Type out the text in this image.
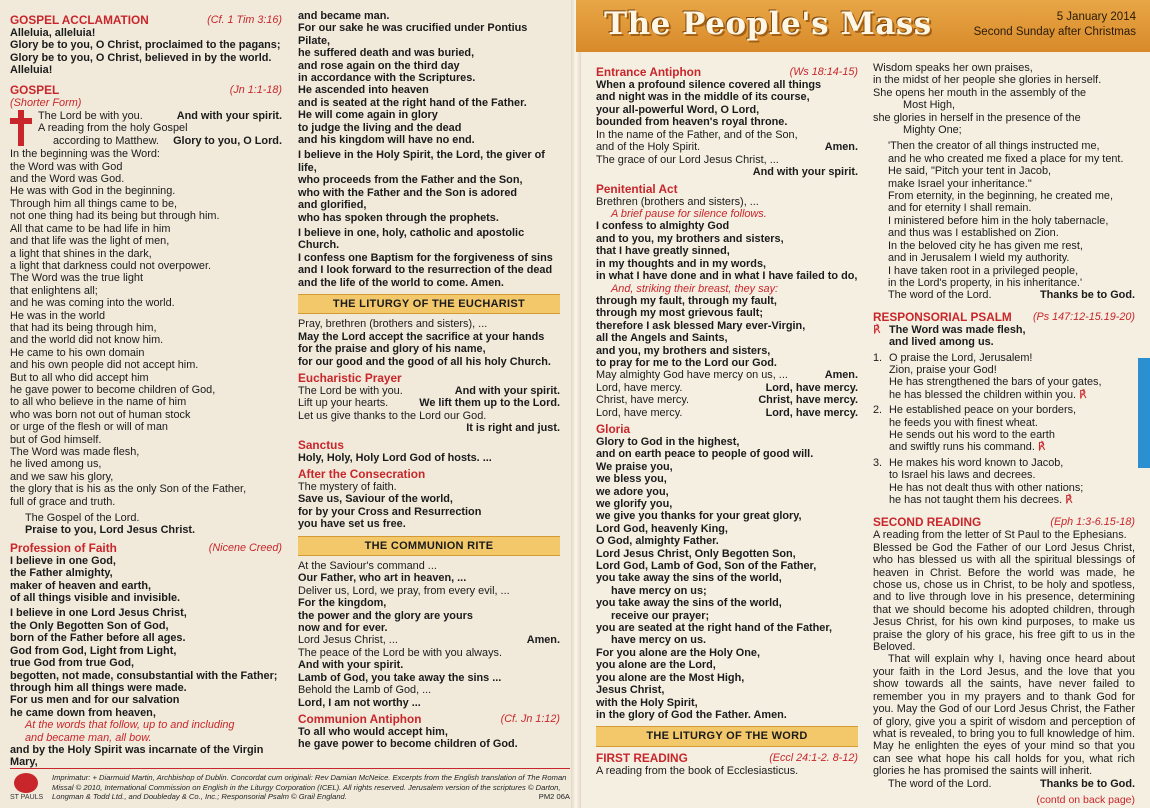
GOSPEL ACCLAMATION	(Cf. 1 Tim 3:16)
Alleluia, alleluia!
Glory be to you, O Christ, proclaimed to the pagans;
Glory be to you, O Christ, believed in by the world.
Alleluia!
GOSPEL	(Jn 1:1-18)

(Shorter Form)

The Lord be with you.	And with your spirit.
A reading from the holy Gospel
according to Matthew. Glory to you, O Lord.
In the beginning was the Word:
the Word was with God
and the Word was God.
He was with God in the beginning.
Through him all things came to be,
not one thing had its being but through him.
All that came to be had life in him
and that life was the light of men,
a light that shines in the dark,
a light that darkness could not overpower.
The Word was the true light
that enlightens all;
and he was coming into the world.
He was in the world
that had its being through him,
and the world did not know him.
He came to his own domain
and his own people did not accept him.
But to all who did accept him
he gave power to become children of God,
to all who believe in the name of him
who was born not out of human stock
or urge of the flesh or will of man
but of God himself.
The Word was made flesh,
he lived among us,
and we saw his glory,
the glory that is his as the only Son of the Father,
full of grace and truth.
The Gospel of the Lord.
Praise to you, Lord Jesus Christ.
Profession of Faith	(Nicene Creed)
I believe in one God,
the Father almighty,
maker of heaven and earth,
of all things visible and invisible.
I believe in one Lord Jesus Christ,
the Only Begotten Son of God,
born of the Father before all ages.
God from God, Light from Light,
true God from true God,
begotten, not made, consubstantial with the Father;
through him all things were made.
For us men and for our salvation
he came down from heaven,
At the words that follow, up to and including
and became man, all bow.
and by the Holy Spirit was incarnate of the Virgin Mary,
and became man.
For our sake he was crucified under Pontius Pilate,
he suffered death and was buried,
and rose again on the third day
in accordance with the Scriptures.
He ascended into heaven
and is seated at the right hand of the Father.
He will come again in glory
to judge the living and the dead
and his kingdom will have no end.
I believe in the Holy Spirit, the Lord, the giver of life,
who proceeds from the Father and the Son,
who with the Father and the Son is adored
and glorified,
who has spoken through the prophets.
I believe in one, holy, catholic and apostolic Church.
I confess one Baptism for the forgiveness of sins
and I look forward to the resurrection of the dead
and the life of the world to come. Amen.
THE LITURGY OF THE EUCHARIST
Pray, brethren (brothers and sisters), ...
May the Lord accept the sacrifice at your hands
for the praise and glory of his name,
for our good and the good of all his holy Church.
Eucharistic Prayer
The Lord be with you.	And with your spirit.
Lift up your hearts.	We lift them up to the Lord.
Let us give thanks to the Lord our God.
It is right and just.
Sanctus
Holy, Holy, Holy Lord God of hosts. ...
After the Consecration
The mystery of faith.
Save us, Saviour of the world,
for by your Cross and Resurrection
you have set us free.
THE COMMUNION RITE
At the Saviour's command ...
Our Father, who art in heaven, ...
Deliver us, Lord, we pray, from every evil, ...
For the kingdom,
the power and the glory are yours
now and for ever.
Lord Jesus Christ, ...	Amen.
The peace of the Lord be with you always.
And with your spirit.
Lamb of God, you take away the sins ...
Behold the Lamb of God, ...
Lord, I am not worthy ...
Communion Antiphon	(Cf. Jn 1:12)
To all who would accept him,
he gave power to become children of God.
ST PAULS
Imprimatur: + Diarmuid Martin, Archbishop of Dublin. Concordat cum originali: Rev Damian McNeice. Excerpts from the English translation of The Roman Missal © 2010, International Commission on English in the Liturgy Corporation (ICEL). All rights reserved. Jerusalem version of the scriptures © Darton, Longman & Todd Ltd., and Doubleday & Co., Inc.; Responsorial Psalm © Grail England.	PM2 06A
The People's Mass	5 January 2014
Second Sunday after Christmas
Entrance Antiphon	(Ws 18:14-15)
When a profound silence covered all things
and night was in the middle of its course,
your all-powerful Word, O Lord,
bounded from heaven's royal throne.
In the name of the Father, and of the Son,
and of the Holy Spirit.	Amen.
The grace of our Lord Jesus Christ, ...
And with your spirit.
Penitential Act
Brethren (brothers and sisters), ...
A brief pause for silence follows.
I confess to almighty God
and to you, my brothers and sisters,
that I have greatly sinned,
in my thoughts and in my words,
in what I have done and in what I have failed to do,
And, striking their breast, they say:
through my fault, through my fault,
through my most grievous fault;
therefore I ask blessed Mary ever-Virgin,
all the Angels and Saints,
and you, my brothers and sisters,
to pray for me to the Lord our God.
May almighty God have mercy on us, ...	Amen.
Lord, have mercy.	Lord, have mercy.
Christ, have mercy.	Christ, have mercy.
Lord, have mercy.	Lord, have mercy.
Gloria
Glory to God in the highest,
and on earth peace to people of good will.
We praise you,
we bless you,
we adore you,
we glorify you,
we give you thanks for your great glory,
Lord God, heavenly King,
O God, almighty Father.
Lord Jesus Christ, Only Begotten Son,
Lord God, Lamb of God, Son of the Father,
you take away the sins of the world,
have mercy on us;
you take away the sins of the world,
receive our prayer;
you are seated at the right hand of the Father,
have mercy on us.
For you alone are the Holy One,
you alone are the Lord,
you alone are the Most High,
Jesus Christ,
with the Holy Spirit,
in the glory of God the Father. Amen.
THE LITURGY OF THE WORD
FIRST READING	(Eccl 24:1-2. 8-12)
A reading from the book of Ecclesiasticus.
Wisdom speaks her own praises,
in the midst of her people she glories in herself.
She opens her mouth in the assembly of the
Most High,
she glories in herself in the presence of the
Mighty One;
'Then the creator of all things instructed me,
and he who created me fixed a place for my tent.
He said, "Pitch your tent in Jacob,
make Israel your inheritance."
From eternity, in the beginning, he created me,
and for eternity I shall remain.
I ministered before him in the holy tabernacle,
and thus was I established on Zion.
In the beloved city he has given me rest,
and in Jerusalem I wield my authority.
I have taken root in a privileged people,
in the Lord's property, in his inheritance.'
The word of the Lord.	Thanks be to God.
RESPONSORIAL PSALM (Ps 147:12-15.19-20)
℟ The Word was made flesh,
and lived among us.
1. O praise the Lord, Jerusalem!
Zion, praise your God!
He has strengthened the bars of your gates,
he has blessed the children within you. ℟
2. He established peace on your borders,
he feeds you with finest wheat.
He sends out his word to the earth
and swiftly runs his command. ℟
3. He makes his word known to Jacob,
to Israel his laws and decrees.
He has not dealt thus with other nations;
he has not taught them his decrees. ℟
SECOND READING	(Eph 1:3-6.15-18)
A reading from the letter of St Paul to the Ephesians.
Blessed be God the Father of our Lord Jesus Christ, who has blessed us with all the spiritual blessings of heaven in Christ. Before the world was made, he chose us, chose us in Christ, to be holy and spotless, and to live through love in his presence, determining that we should become his adopted children, through Jesus Christ, for his own kind purposes, to make us praise the glory of his grace, his free gift to us in the Beloved.
That will explain why I, having once heard about your faith in the Lord Jesus, and the love that you show towards all the saints, have never failed to remember you in my prayers and to thank God for you. May the God of our Lord Jesus Christ, the Father of glory, give you a spirit of wisdom and perception of what is revealed, to bring you to full knowledge of him. May he enlighten the eyes of your mind so that you can see what hope his call holds for you, what rich glories he has promised the saints will inherit.
The word of the Lord.	Thanks be to God.
(contd on back page)
